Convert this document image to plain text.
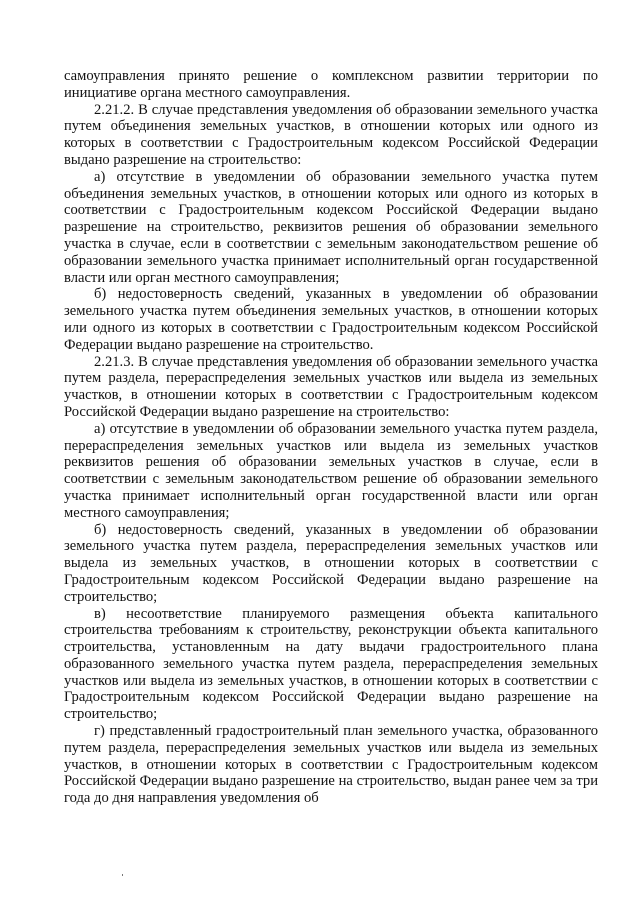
самоуправления принято решение о комплексном развитии территории по инициативе органа местного самоуправления.

2.21.2. В случае представления уведомления об образовании земельного участка путем объединения земельных участков, в отношении которых или одного из которых в соответствии с Градостроительным кодексом Российской Федерации выдано разрешение на строительство:

а) отсутствие в уведомлении об образовании земельного участка путем объединения земельных участков, в отношении которых или одного из которых в соответствии с Градостроительным кодексом Российской Федерации выдано разрешение на строительство, реквизитов решения об образовании земельного участка в случае, если в соответствии с земельным законодательством решение об образовании земельного участка принимает исполнительный орган государственной власти или орган местного самоуправления;

б) недостоверность сведений, указанных в уведомлении об образовании земельного участка путем объединения земельных участков, в отношении которых или одного из которых в соответствии с Градостроительным кодексом Российской Федерации выдано разрешение на строительство.

2.21.3. В случае представления уведомления об образовании земельного участка путем раздела, перераспределения земельных участков или выдела из земельных участков, в отношении которых в соответствии с Градостроительным кодексом Российской Федерации выдано разрешение на строительство:

а) отсутствие в уведомлении об образовании земельного участка путем раздела, перераспределения земельных участков или выдела из земельных участков реквизитов решения об образовании земельных участков в случае, если в соответствии с земельным законодательством решение об образовании земельного участка принимает исполнительный орган государственной власти или орган местного самоуправления;

б) недостоверность сведений, указанных в уведомлении об образовании земельного участка путем раздела, перераспределения земельных участков или выдела из земельных участков, в отношении которых в соответствии с Градостроительным кодексом Российской Федерации выдано разрешение на строительство;

в) несоответствие планируемого размещения объекта капитального строительства требованиям к строительству, реконструкции объекта капитального строительства, установленным на дату выдачи градостроительного плана образованного земельного участка путем раздела, перераспределения земельных участков или выдела из земельных участков, в отношении которых в соответствии с Градостроительным кодексом Российской Федерации выдано разрешение на строительство;

г) представленный градостроительный план земельного участка, образованного путем раздела, перераспределения земельных участков или выдела из земельных участков, в отношении которых в соответствии с Градостроительным кодексом Российской Федерации выдано разрешение на строительство, выдан ранее чем за три года до дня направления уведомления об
